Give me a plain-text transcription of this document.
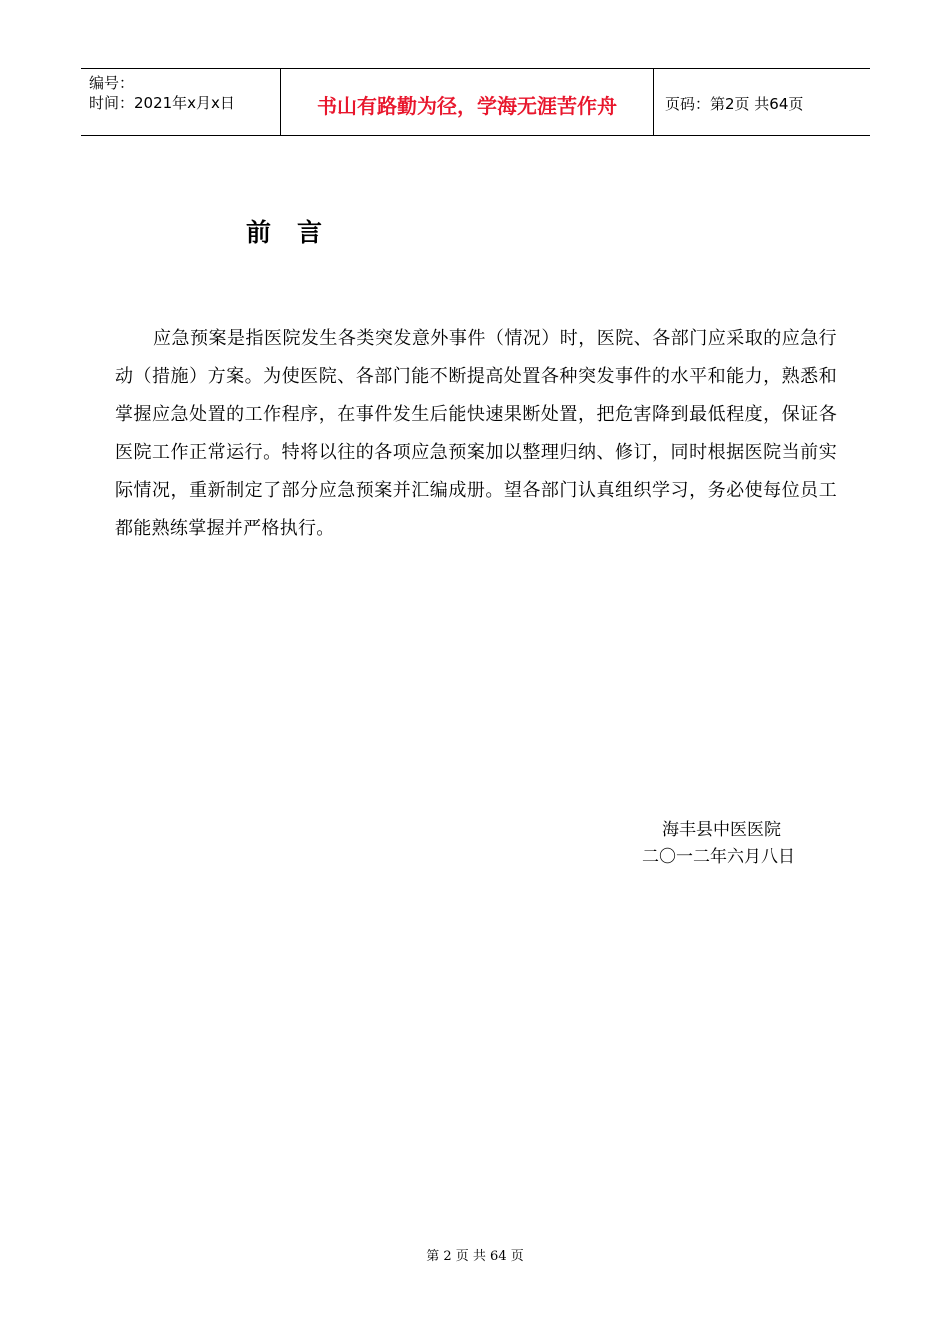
编号：
时间：2021年x月x日	书山有路勤为径，学海无涯苦作舟	页码：第2页 共64页
前言

应急预案是指医院发生各类突发意外事件（情况）时，医院、各部门应采取的应急行动（措施）方案。为使医院、各部门能不断提高处置各种突发事件的水平和能力，熟悉和掌握应急处置的工作程序，在事件发生后能快速果断处置，把危害降到最低程度，保证各医院工作正常运行。特将以往的各项应急预案加以整理归纳、修订，同时根据医院当前实际情况，重新制定了部分应急预案并汇编成册。望各部门认真组织学习，务必使每位员工都能熟练掌握并严格执行。

海丰县中医医院
二〇一二年六月八日
第 2 页 共 64 页
